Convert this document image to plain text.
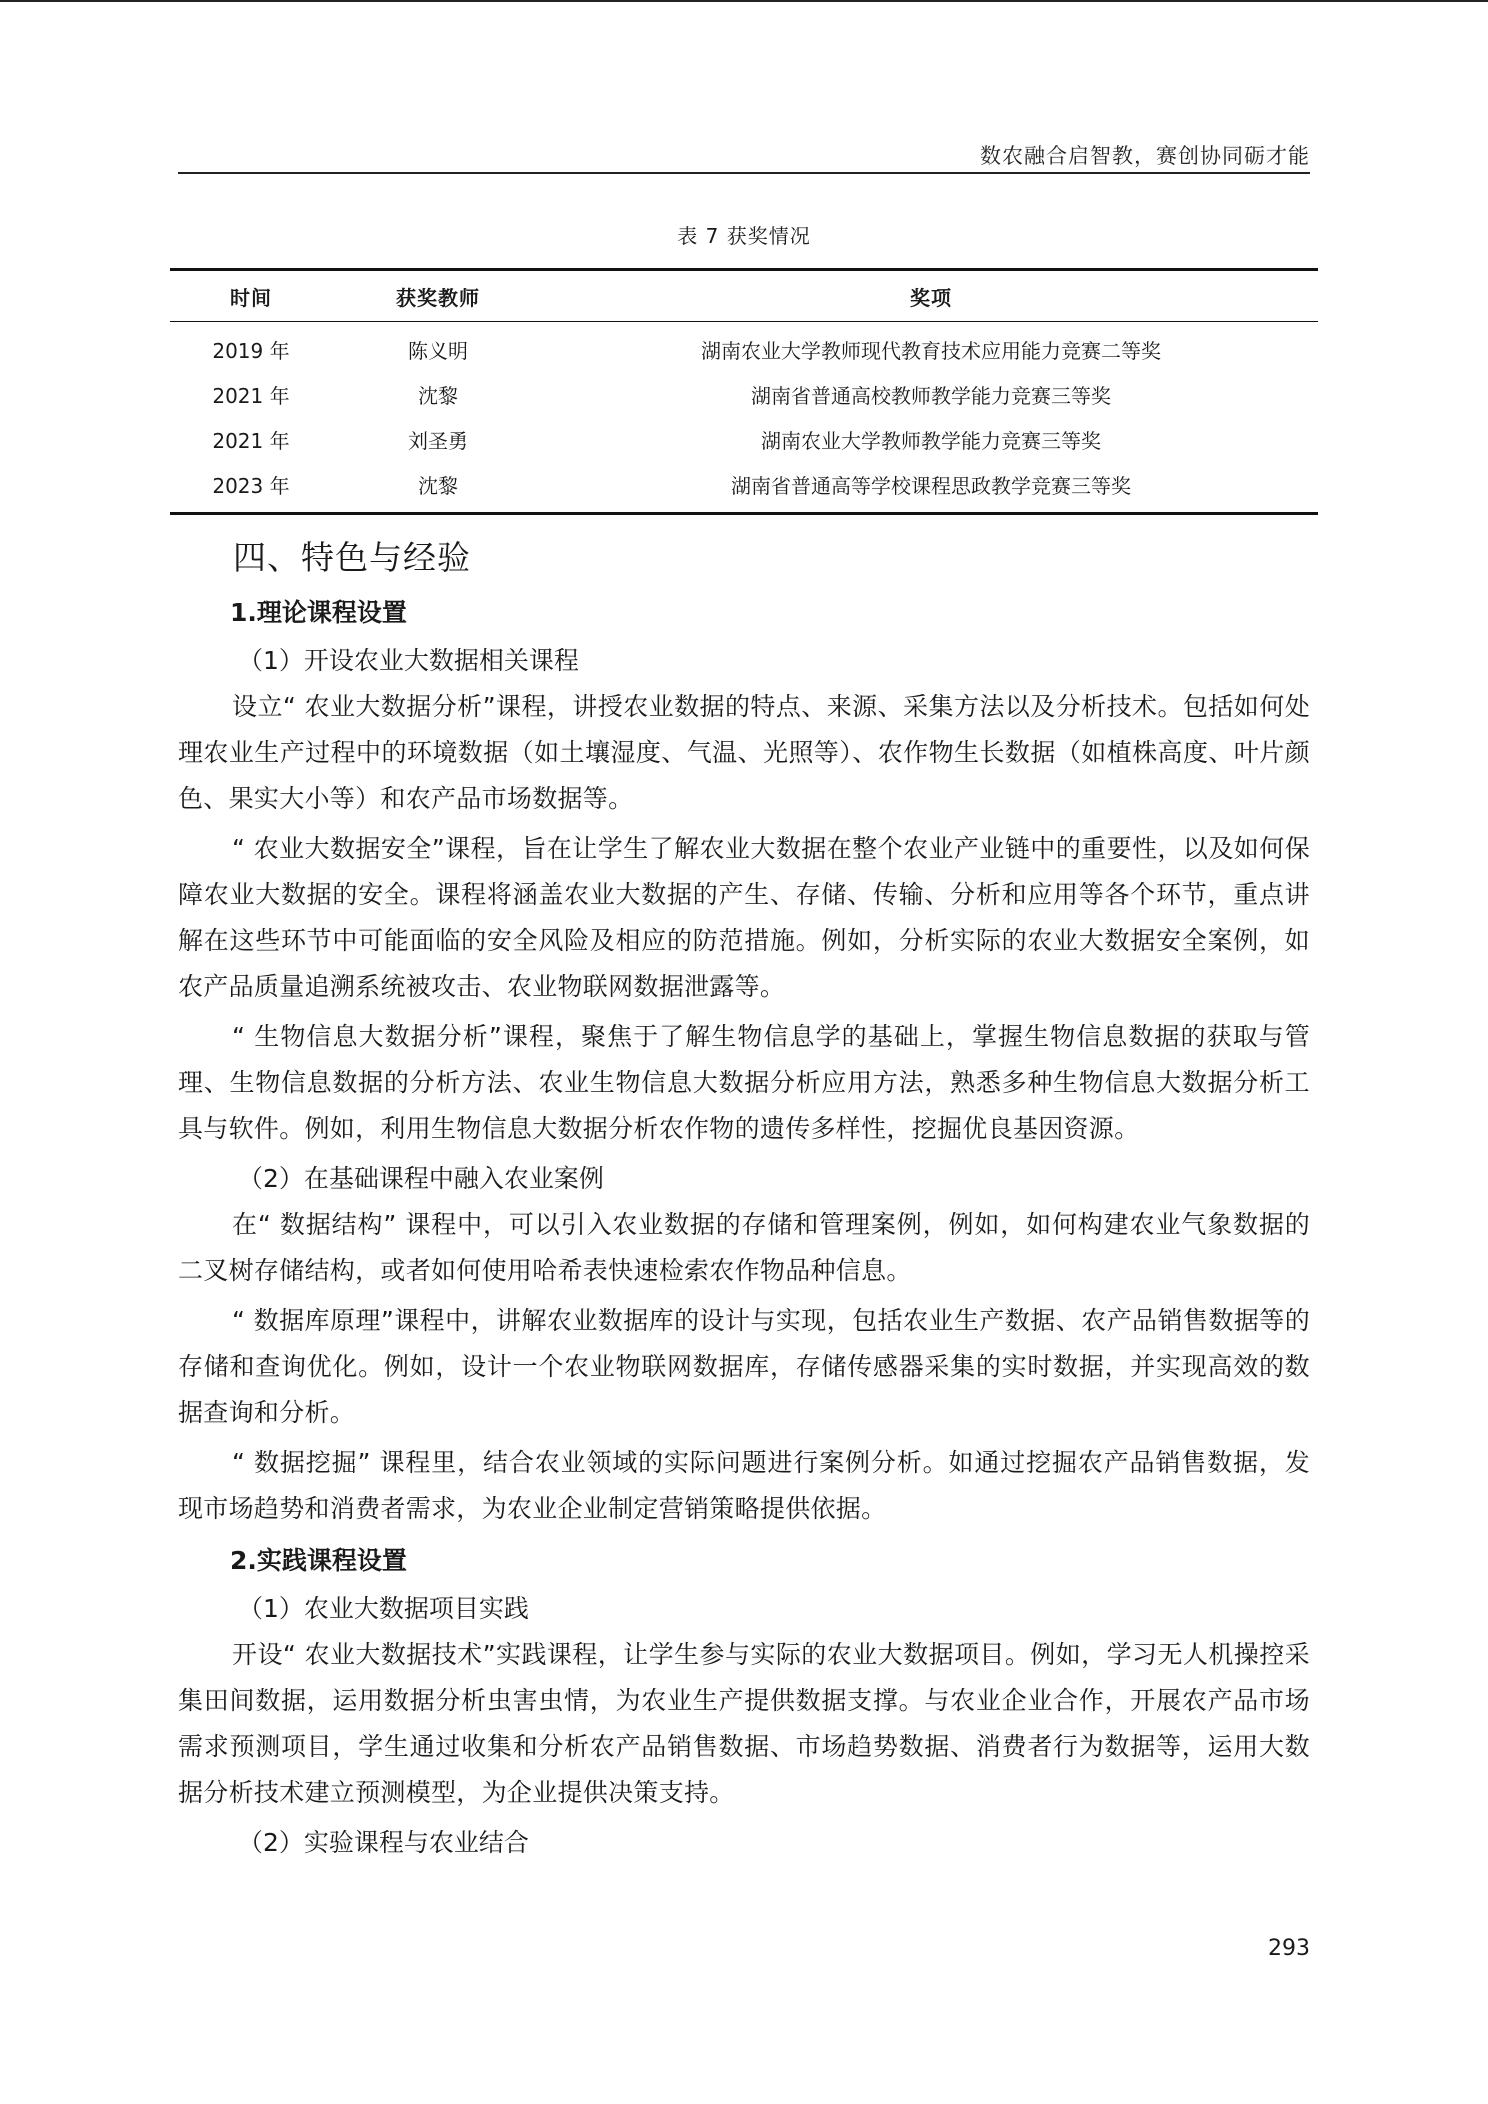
数农融合启智教，赛创协同砺才能
表 7 获奖情况
时间	获奖教师	奖项
2019 年	陈义明	湖南农业大学教师现代教育技术应用能力竞赛二等奖
2021 年	沈黎	湖南省普通高校教师教学能力竞赛三等奖
2021 年	刘圣勇	湖南农业大学教师教学能力竞赛三等奖
2023 年	沈黎	湖南省普通高等学校课程思政教学竞赛三等奖
四、特色与经验
1.理论课程设置
（1）开设农业大数据相关课程

设立“ 农业大数据分析”课程，讲授农业数据的特点、来源、采集方法以及分析技术。包括如何处理农业生产过程中的环境数据（如土壤湿度、气温、光照等）、农作物生长数据（如植株高度、叶片颜色、果实大小等）和农产品市场数据等。

“ 农业大数据安全”课程，旨在让学生了解农业大数据在整个农业产业链中的重要性，以及如何保障农业大数据的安全。课程将涵盖农业大数据的产生、存储、传输、分析和应用等各个环节，重点讲解在这些环节中可能面临的安全风险及相应的防范措施。例如，分析实际的农业大数据安全案例，如农产品质量追溯系统被攻击、农业物联网数据泄露等。

“ 生物信息大数据分析”课程，聚焦于了解生物信息学的基础上，掌握生物信息数据的获取与管理、生物信息数据的分析方法、农业生物信息大数据分析应用方法，熟悉多种生物信息大数据分析工具与软件。例如，利用生物信息大数据分析农作物的遗传多样性，挖掘优良基因资源。

（2）在基础课程中融入农业案例

在“ 数据结构” 课程中，可以引入农业数据的存储和管理案例，例如，如何构建农业气象数据的二叉树存储结构，或者如何使用哈希表快速检索农作物品种信息。

“ 数据库原理”课程中，讲解农业数据库的设计与实现，包括农业生产数据、农产品销售数据等的存储和查询优化。例如，设计一个农业物联网数据库，存储传感器采集的实时数据，并实现高效的数据查询和分析。

“ 数据挖掘” 课程里，结合农业领域的实际问题进行案例分析。如通过挖掘农产品销售数据，发现市场趋势和消费者需求，为农业企业制定营销策略提供依据。

2.实践课程设置
（1）农业大数据项目实践

开设“ 农业大数据技术”实践课程，让学生参与实际的农业大数据项目。例如，学习无人机操控采集田间数据，运用数据分析虫害虫情，为农业生产提供数据支撑。与农业企业合作，开展农产品市场需求预测项目，学生通过收集和分析农产品销售数据、市场趋势数据、消费者行为数据等，运用大数据分析技术建立预测模型，为企业提供决策支持。

（2）实验课程与农业结合
293
